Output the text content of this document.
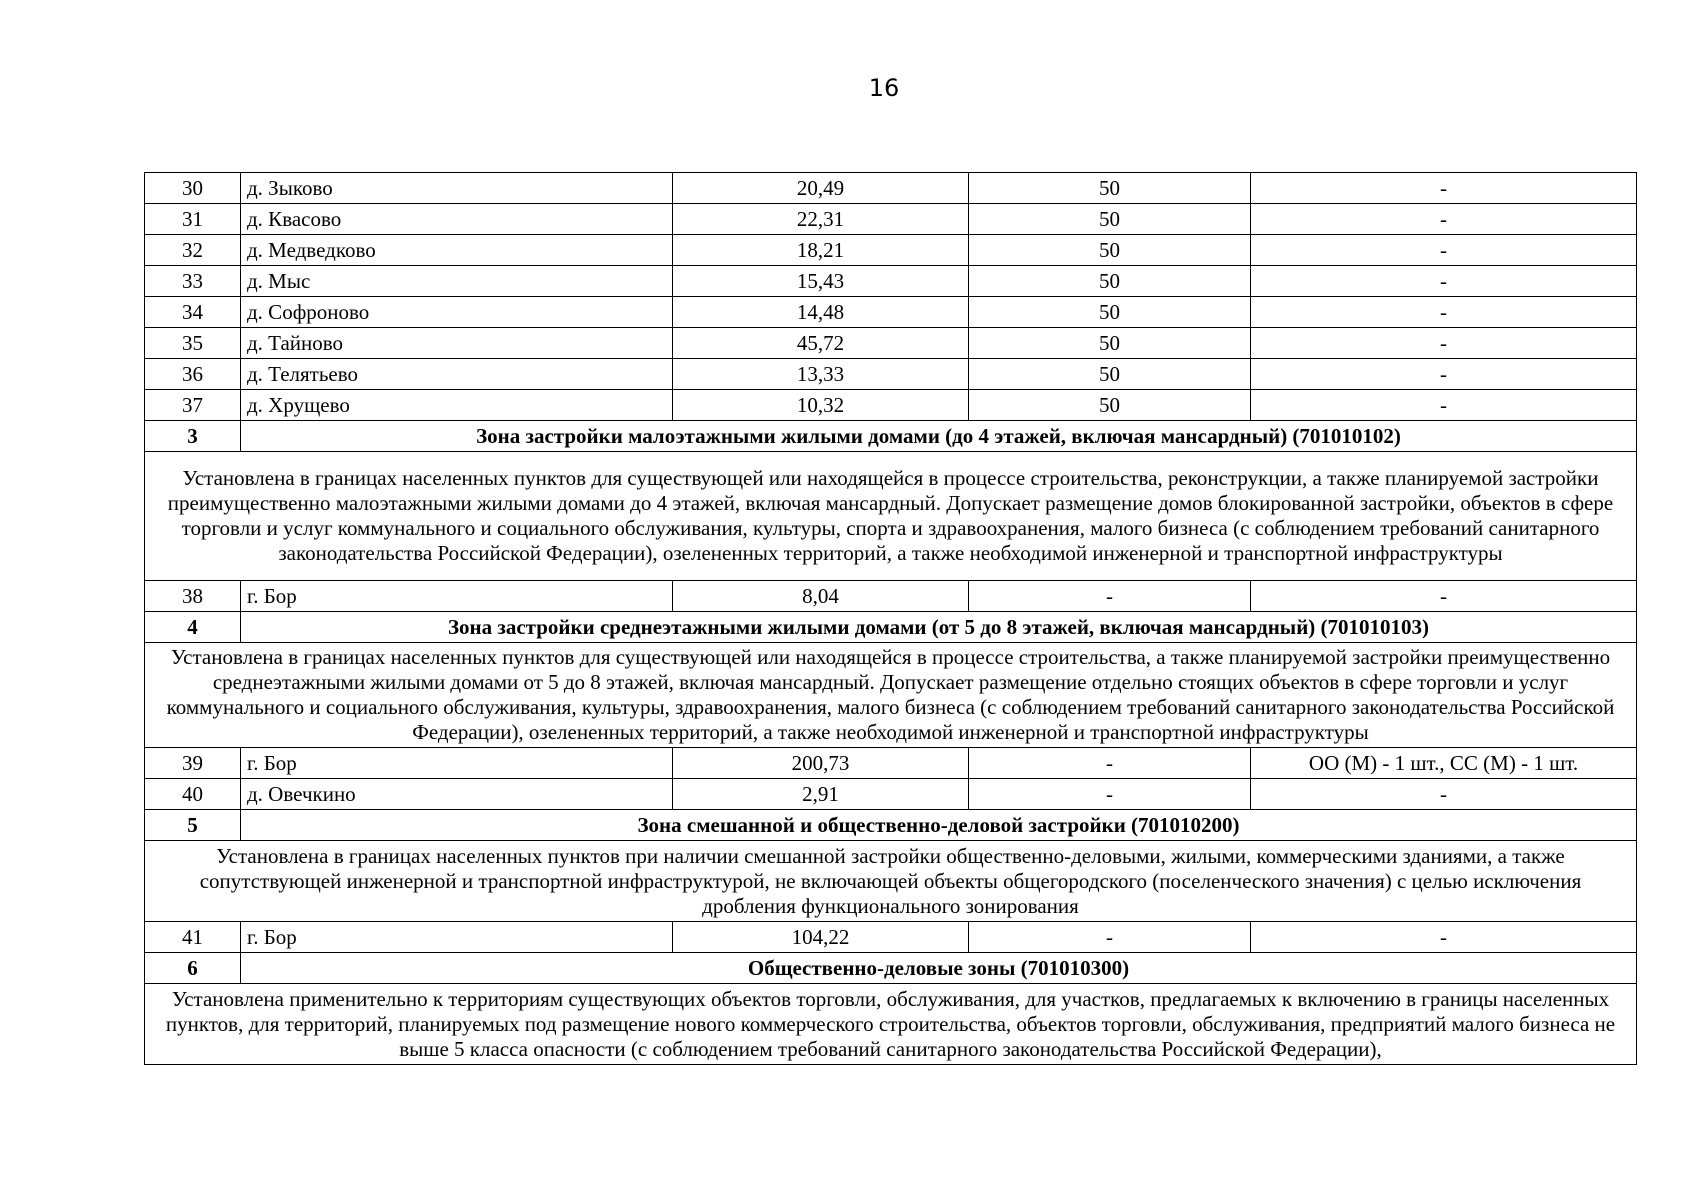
16
30	д. Зыково	20,49	50	-
31	д. Квасово	22,31	50	-
32	д. Медведково	18,21	50	-
33	д. Мыс	15,43	50	-
34	д. Софроново	14,48	50	-
35	д. Тайново	45,72	50	-
36	д. Телятьево	13,33	50	-
37	д. Хрущево	10,32	50	-
3	Зона застройки малоэтажными жилыми домами (до 4 этажей, включая мансардный) (701010102)			
Установлена в границах населенных пунктов для существующей или находящейся в процессе строительства, реконструкции, а также планируемой застройки преимущественно малоэтажными жилыми домами до 4 этажей, включая мансардный. Допускает размещение домов блокированной застройки, объектов в сфере торговли и услуг коммунального и социального обслуживания, культуры, спорта и здравоохранения, малого бизнеса (с соблюдением требований санитарного законодательства Российской Федерации), озелененных территорий, а также необходимой инженерной и транспортной инфраструктуры				
38	г. Бор	8,04	-	-
4	Зона застройки среднеэтажными жилыми домами (от 5 до 8 этажей, включая мансардный) (701010103)			
Установлена в границах населенных пунктов для существующей или находящейся в процессе строительства, а также планируемой застройки преимущественно среднеэтажными жилыми домами от 5 до 8 этажей, включая мансардный. Допускает размещение отдельно стоящих объектов в сфере торговли и услуг коммунального и социального обслуживания, культуры, здравоохранения, малого бизнеса (с соблюдением требований санитарного законодательства Российской Федерации), озелененных территорий, а также необходимой инженерной и транспортной инфраструктуры				
39	г. Бор	200,73	-	ОО (М) - 1 шт., СС (М) - 1 шт.
40	д. Овечкино	2,91	-	-
5	Зона смешанной и общественно-деловой застройки (701010200)			
Установлена в границах населенных пунктов при наличии смешанной застройки общественно-деловыми, жилыми, коммерческими зданиями, а также сопутствующей инженерной и транспортной инфраструктурой, не включающей объекты общегородского (поселенческого значения) с целью исключения дробления функционального зонирования				
41	г. Бор	104,22	-	-
6	Общественно-деловые зоны (701010300)			
Установлена применительно к территориям существующих объектов торговли, обслуживания, для участков, предлагаемых к включению в границы населенных пунктов, для территорий, планируемых под размещение нового коммерческого строительства, объектов торговли, обслуживания, предприятий малого бизнеса не выше 5 класса опасности (с соблюдением требований санитарного законодательства Российской Федерации),				
